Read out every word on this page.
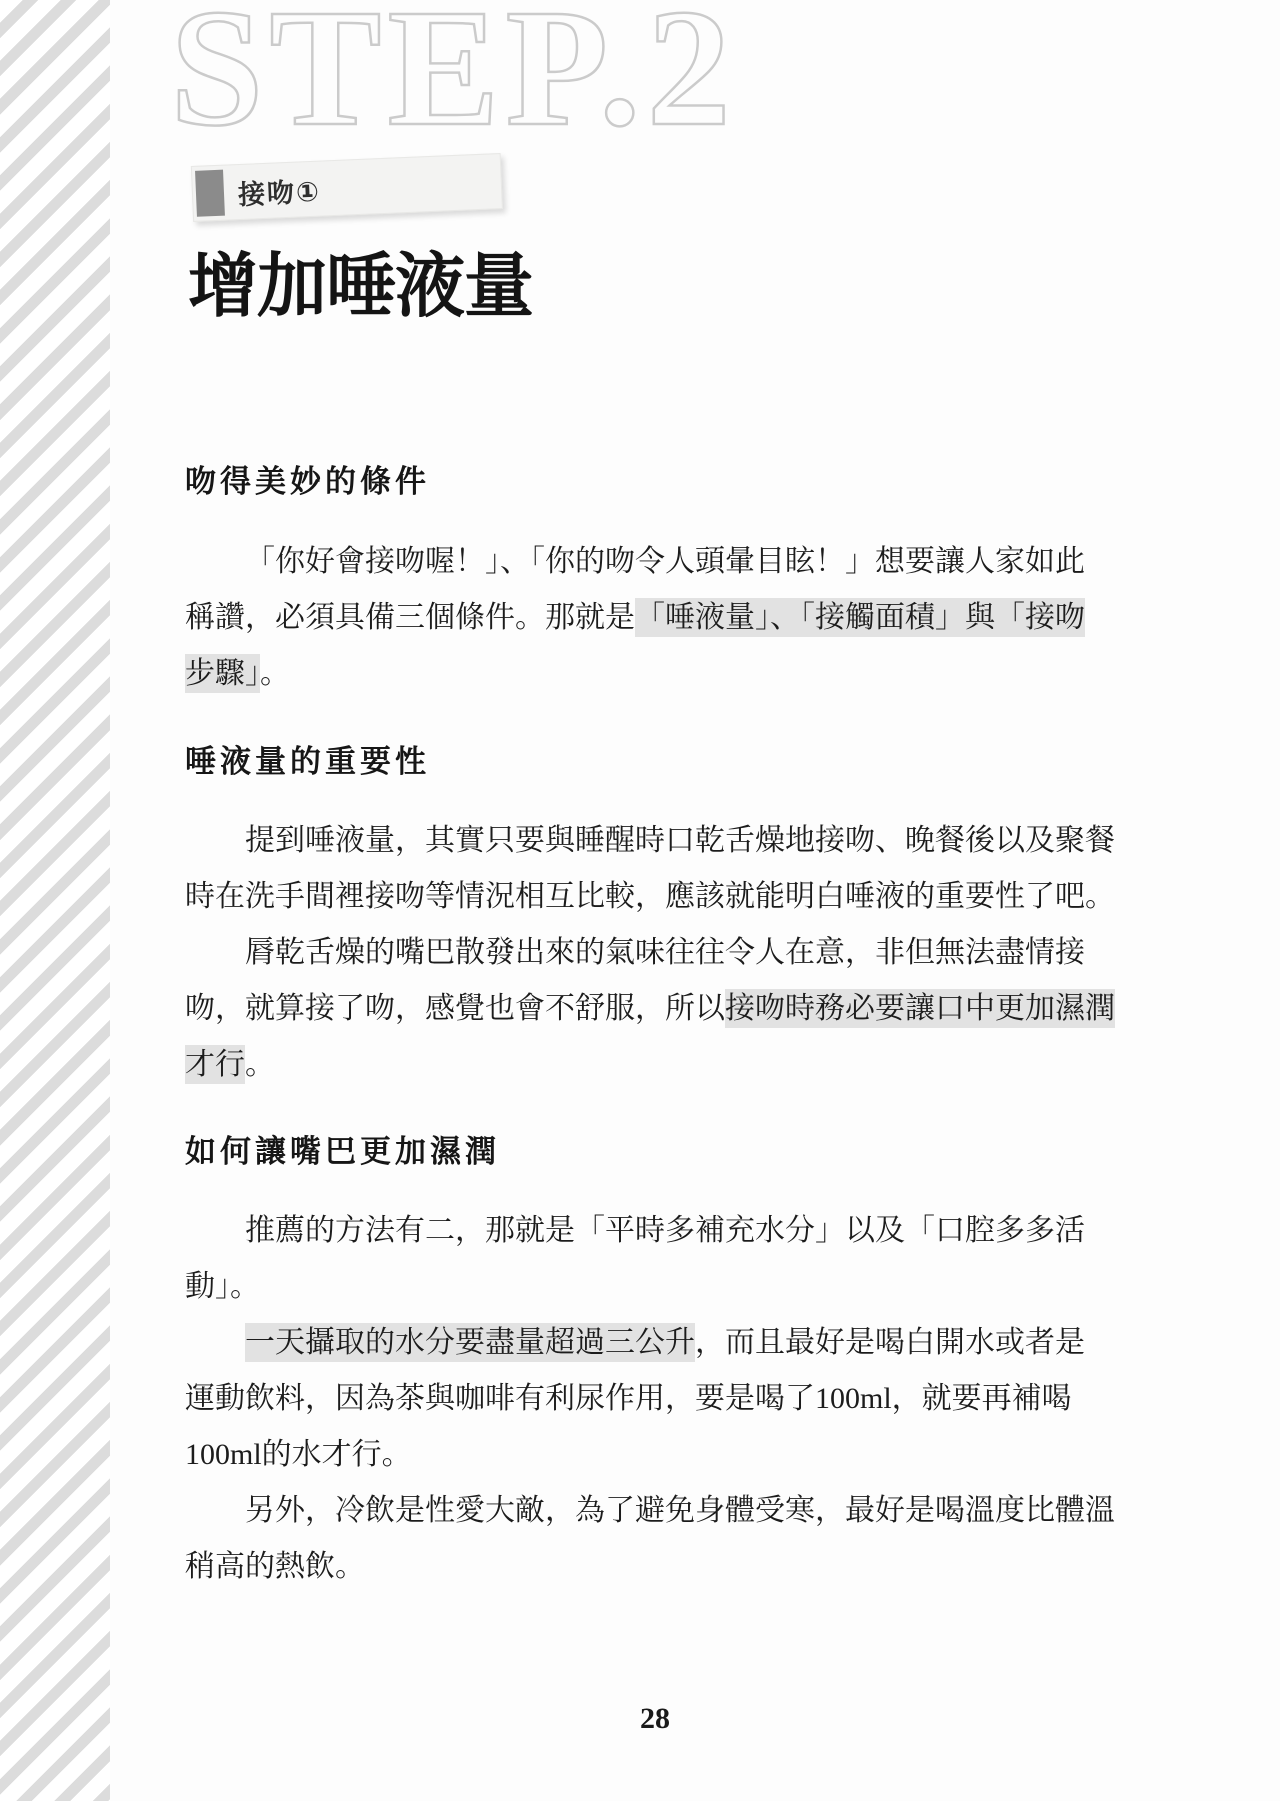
STEP.2
接吻①
增加唾液量
吻得美妙的條件
唾液量的重要性
如何讓嘴巴更加濕潤
28
「你好會接吻喔！」、「你的吻令人頭暈目眩！」想要讓人家如此
稱讚，必須具備三個條件。那就是「唾液量」、「接觸面積」與「接吻
步驟」。
提到唾液量，其實只要與睡醒時口乾舌燥地接吻、晚餐後以及聚餐
時在洗手間裡接吻等情況相互比較，應該就能明白唾液的重要性了吧。
脣乾舌燥的嘴巴散發出來的氣味往往令人在意，非但無法盡情接
吻，就算接了吻，感覺也會不舒服，所以接吻時務必要讓口中更加濕潤
才行。
推薦的方法有二，那就是「平時多補充水分」以及「口腔多多活
動」。
一天攝取的水分要盡量超過三公升，而且最好是喝白開水或者是
運動飲料，因為茶與咖啡有利尿作用，要是喝了100ml，就要再補喝
100ml的水才行。
另外，冷飲是性愛大敵，為了避免身體受寒，最好是喝溫度比體溫
稍高的熱飲。
